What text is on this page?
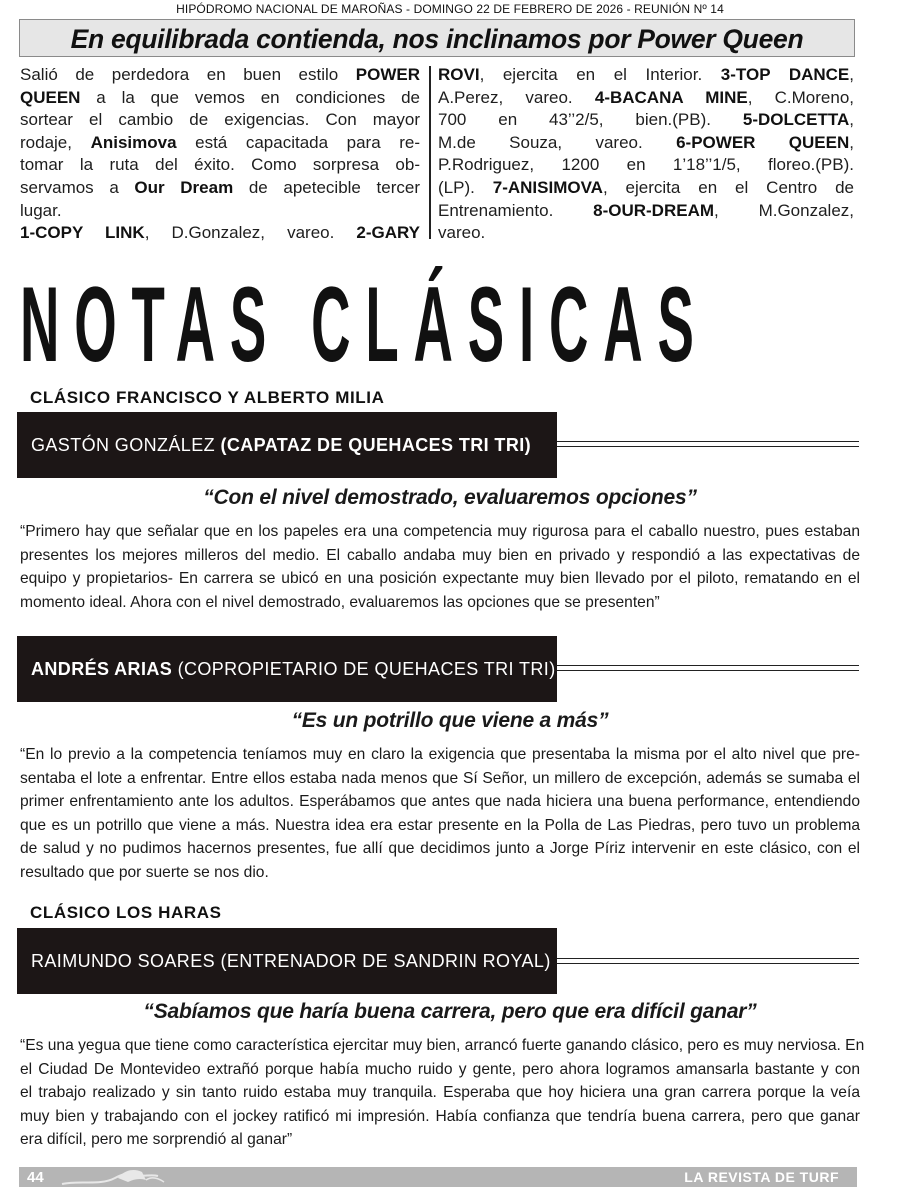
HIPÓDROMO NACIONAL DE MAROÑAS - DOMINGO 22 DE FEBRERO DE 2026 - REUNIÓN Nº 14
En equilibrada contienda, nos inclinamos por Power Queen
Salió de perdedora en buen estilo POWER
QUEEN a la que vemos en condiciones de
sortear el cambio de exigencias. Con mayor
rodaje, Anisimova está capacitada para re-
tomar la ruta del éxito. Como sorpresa ob-
servamos a Our Dream de apetecible tercer
lugar.
1-COPY LINK, D.Gonzalez, vareo. 2-GARY
ROVI, ejercita en el Interior. 3-TOP DANCE,
A.Perez, vareo. 4-BACANA MINE, C.Moreno,
700 en 43’’2/5, bien.(PB). 5-DOLCETTA,
M.de Souza, vareo. 6-POWER QUEEN,
P.Rodriguez, 1200 en 1’18’’1/5, floreo.(PB).
(LP). 7-ANISIMOVA, ejercita en el Centro de
Entrenamiento. 8-OUR-DREAM, M.Gonzalez,
vareo.
NOTAS CLÁSICAS
CLÁSICO FRANCISCO Y ALBERTO MILIA
GASTÓN GONZÁLEZ (CAPATAZ DE QUEHACES TRI TRI)
“Con el nivel demostrado, evaluaremos opciones”
“Primero hay que señalar que en los papeles era una competencia muy rigurosa para el caballo nuestro, pues estaban
presentes los mejores milleros del medio. El caballo andaba muy bien en privado y respondió a las expectativas de
equipo y propietarios- En carrera se ubicó en una posición expectante muy bien llevado por el piloto, rematando en el
momento ideal. Ahora con el nivel demostrado, evaluaremos las opciones que se presenten”
ANDRÉS ARIAS (COPROPIETARIO DE QUEHACES TRI TRI)
“Es un potrillo que viene a más”
“En lo previo a la competencia teníamos muy en claro la exigencia que presentaba la misma por el alto nivel que pre-
sentaba el lote a enfrentar. Entre ellos estaba nada menos que Sí Señor, un millero de excepción, además se sumaba el
primer enfrentamiento ante los adultos. Esperábamos que antes que nada hiciera una buena performance, entendiendo
que es un potrillo que viene a más. Nuestra idea era estar presente en la Polla de Las Piedras, pero tuvo un problema
de salud y no pudimos hacernos presentes, fue allí que decidimos junto a Jorge Píriz intervenir en este clásico, con el
resultado que por suerte se nos dio.
CLÁSICO LOS HARAS
RAIMUNDO SOARES (ENTRENADOR DE SANDRIN ROYAL)
“Sabíamos que haría buena carrera, pero que era difícil ganar”
“Es una yegua que tiene como característica ejercitar muy bien, arrancó fuerte ganando clásico, pero es muy nerviosa. En
el Ciudad De Montevideo extrañó porque había mucho ruido y gente, pero ahora logramos amansarla bastante y con
el trabajo realizado y sin tanto ruido estaba muy tranquila. Esperaba que hoy hiciera una gran carrera porque la veía
muy bien y trabajando con el jockey ratificó mi impresión. Había confianza que tendría buena carrera, pero que ganar
era difícil, pero me sorprendió al ganar”
44	LA REVISTA DE TURF
